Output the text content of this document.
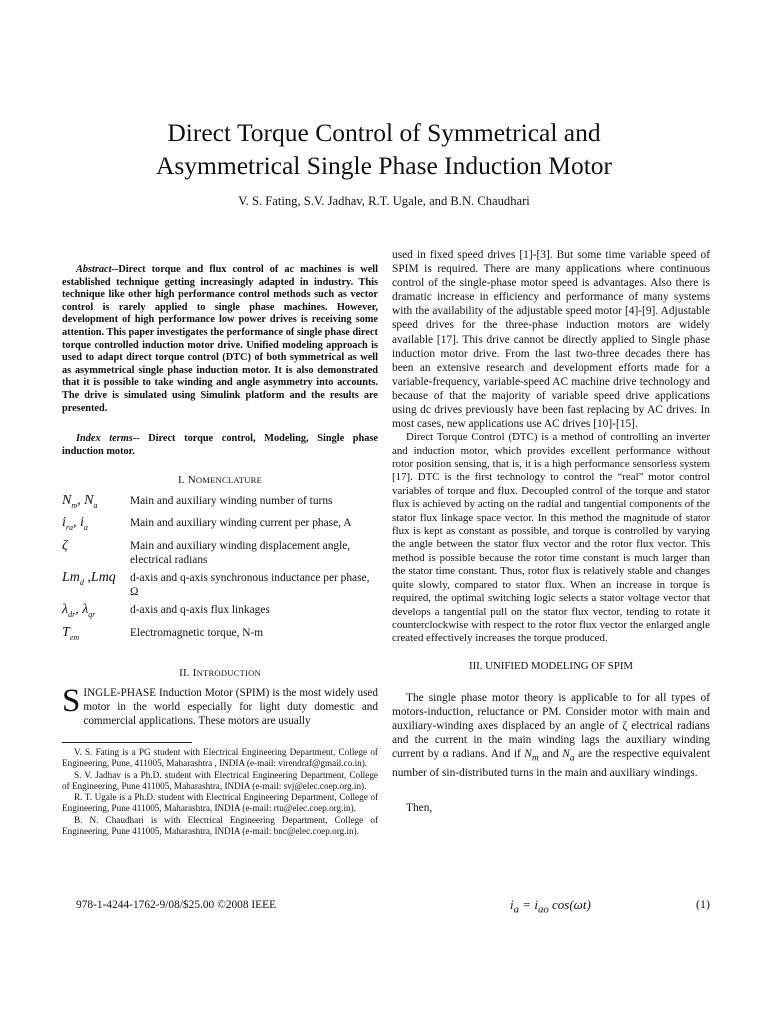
Direct Torque Control of Symmetrical and
Asymmetrical Single Phase Induction Motor
V. S. Fating, S.V. Jadhav, R.T. Ugale, and B.N. Chaudhari

Abstract--Direct torque and flux control of ac machines is well established technique getting increasingly adapted in industry. This technique like other high performance control methods such as vector control is rarely applied to single phase machines. However, development of high performance low power drives is receiving some attention. This paper investigates the performance of single phase direct torque controlled induction motor drive. Unified modeling approach is used to adapt direct torque control (DTC) of both symmetrical as well as asymmetrical single phase induction motor. It is also demonstrated that it is possible to take winding and angle asymmetry into accounts. The drive is simulated using Simulink platform and the results are presented.

Index terms-- Direct torque control, Modeling, Single phase induction motor.

I. NOMENCLATURE
$N_m$, $N_a$	Main and auxiliary winding number of turns
$i_{ra}$, $i_a$	Main and auxiliary winding current per phase, A
ζ	Main and auxiliary winding displacement angle, electrical radians
$Lm_d$ ,Lmq	d-axis and q-axis synchronous inductance per phase, Ω
$\lambda_{dr}$, $\lambda_{qr}$	d-axis and q-axis flux linkages
$T_{em}$	Electromagnetic torque, N-m
II. INTRODUCTION

SINGLE-PHASE Induction Motor (SPIM) is the most widely used motor in the world especially for light duty domestic and commercial applications. These motors are usually

V. S. Fating is a PG student with Electrical Engineering Department, College of Engineering, Pune, 411005, Maharashtra , INDIA (e-mail: virendraf@gmail.co.in).

S. V. Jadhav is a Ph.D. student with Electrical Engineering Department, College of Engineering, Pune 411005, Maharashtra, INDIA (e-mail: svj@elec.coep.org.in).

R. T. Ugale is a Ph.D. student with Electrical Engineering Department, College of Engineering, Pune 411005, Maharashtra, INDIA (e-mail: rtu@elec.coep.org.in).

B. N. Chaudhari is with Electrical Engineering Department, College of Engineering, Pune 411005, Maharashtra, INDIA (e-mail: bnc@elec.coep.org.in).

978-1-4244-1762-9/08/$25.00 ©2008 IEEE

used in fixed speed drives [1]-[3]. But some time variable speed of SPIM is required. There are many applications where continuous control of the single-phase motor speed is advantages. Also there is dramatic increase in efficiency and performance of many systems with the availability of the adjustable speed motor [4]-[9]. Adjustable speed drives for the three-phase induction motors are widely available [17]. This drive cannot be directly applied to Single phase induction motor drive. From the last two-three decades there has been an extensive research and development efforts made for a variable-frequency, variable-speed AC machine drive technology and because of that the majority of variable speed drive applications using dc drives previously have been fast replacing by AC drives. In most cases, new applications use AC drives [10]-[15].

Direct Torque Control (DTC) is a method of controlling an inverter and induction motor, which provides excellent performance without rotor position sensing, that is, it is a high performance sensorless system [17]. DTC is the first technology to control the “real” motor control variables of torque and flux. Decoupled control of the torque and stator flux is achieved by acting on the radial and tangential components of the stator flux linkage space vector. In this method the magnitude of stator flux is kept as constant as possible, and torque is controlled by varying the angle between the stator flux vector and the rotor flux vector. This method is possible because the rotor time constant is much larger than the stator time constant. Thus, rotor flux is relatively stable and changes quite slowly, compared to stator flux. When an increase in torque is required, the optimal switching logic selects a stator voltage vector that develops a tangential pull on the stator flux vector, tending to rotate it counterclockwise with respect to the rotor flux vector the enlarged angle created effectively increases the torque produced.

III. UNIFIED MODELING OF SPIM

The single phase motor theory is applicable to for all types of motors-induction, reluctance or PM. Consider motor with main and auxiliary-winding axes displaced by an angle of ζ electrical radians and the current in the main winding lags the auxiliary winding current by α radians. And if $N_m$ and $N_a$ are the respective equivalent number of sin-distributed turns in the main and auxiliary windings.

Then,

$i_a = i_{ao}$ cos(ωt)	(1)
